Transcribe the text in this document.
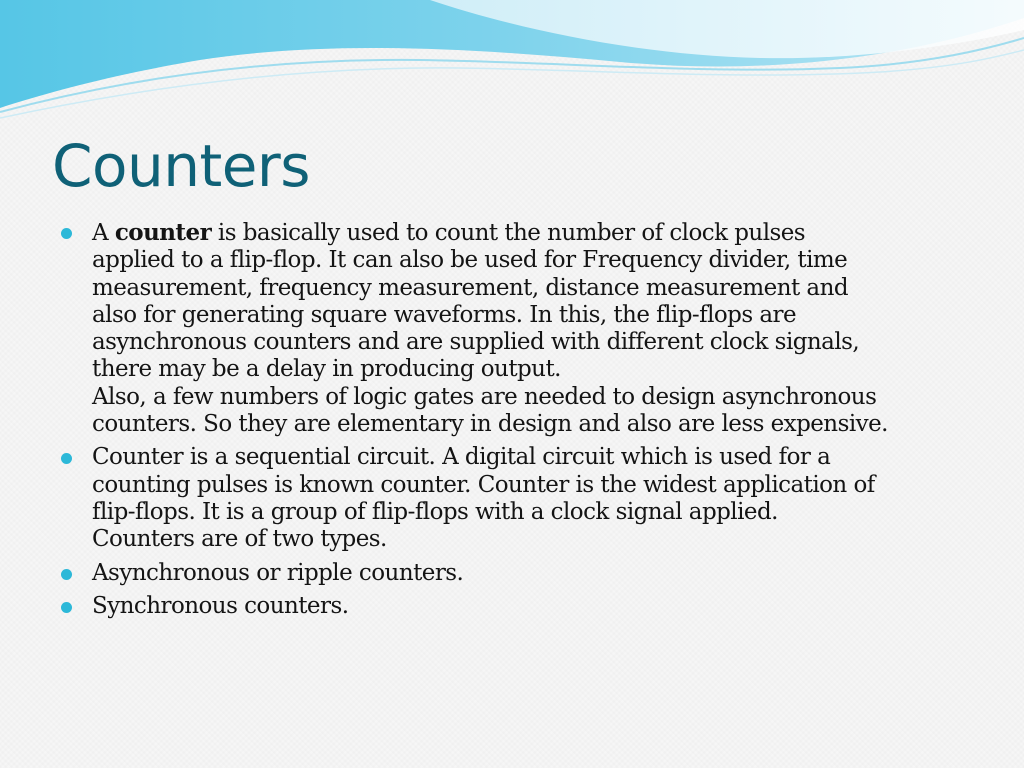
Counters
A counter is basically used to count the number of clock pulses
applied to a flip-flop. It can also be used for Frequency divider, time
measurement, frequency measurement, distance measurement and
also for generating square waveforms. In this, the flip-flops are
asynchronous counters and are supplied with different clock signals,
there may be a delay in producing output.
Also, a few numbers of logic gates are needed to design asynchronous
counters. So they are elementary in design and also are less expensive.
Counter is a sequential circuit. A digital circuit which is used for a
counting pulses is known counter. Counter is the widest application of
flip-flops. It is a group of flip-flops with a clock signal applied.
Counters are of two types.
Asynchronous or ripple counters.
Synchronous counters.
